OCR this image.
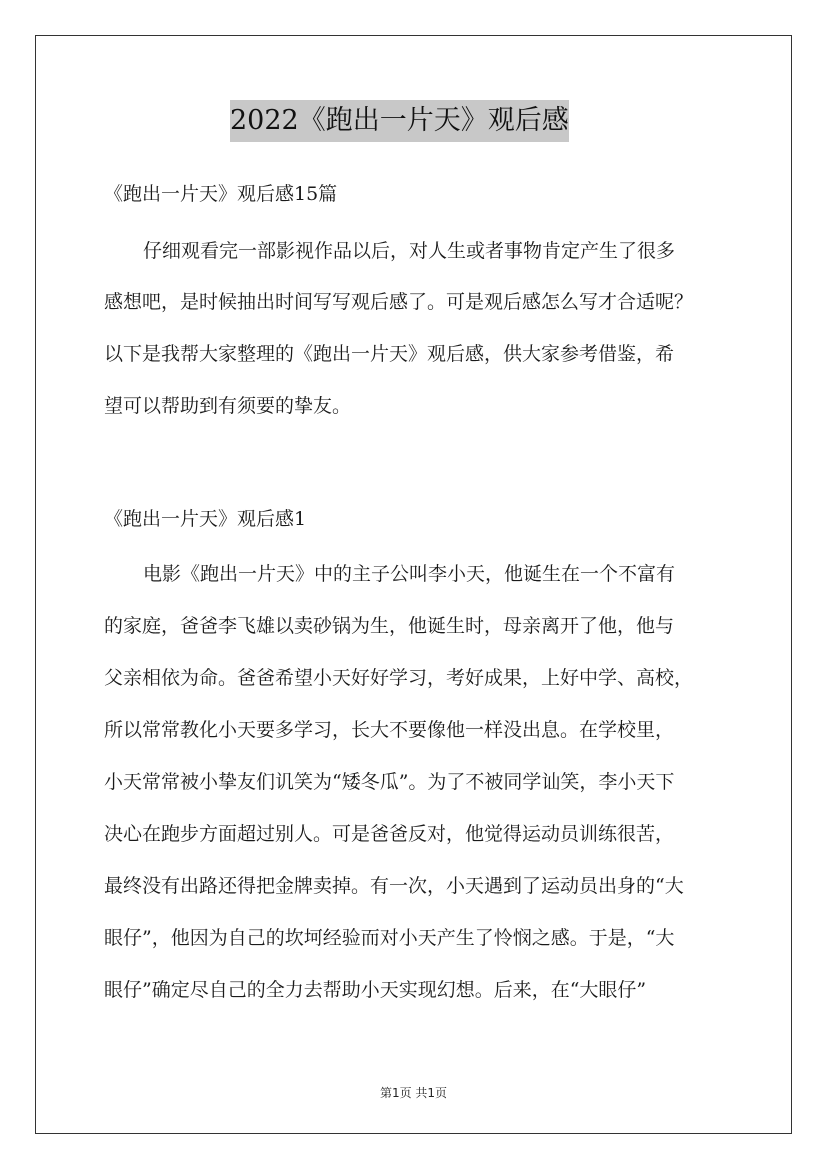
2022《跑出一片天》观后感
《跑出一片天》观后感15篇
仔细观看完一部影视作品以后，对人生或者事物肯定产生了很多
感想吧，是时候抽出时间写写观后感了。可是观后感怎么写才合适呢？
以下是我帮大家整理的《跑出一片天》观后感，供大家参考借鉴，希
望可以帮助到有须要的挚友。
《跑出一片天》观后感1
电影《跑出一片天》中的主子公叫李小天，他诞生在一个不富有
的家庭，爸爸李飞雄以卖砂锅为生，他诞生时，母亲离开了他，他与
父亲相依为命。爸爸希望小天好好学习，考好成果，上好中学、高校，
所以常常教化小天要多学习，长大不要像他一样没出息。在学校里，
小天常常被小挚友们讥笑为“矮冬瓜”。为了不被同学讪笑，李小天下
决心在跑步方面超过别人。可是爸爸反对，他觉得运动员训练很苦，
最终没有出路还得把金牌卖掉。有一次，小天遇到了运动员出身的“大
眼仔”，他因为自己的坎坷经验而对小天产生了怜悯之感。于是，“大
眼仔”确定尽自己的全力去帮助小天实现幻想。后来，在“大眼仔”
第1页 共1页
